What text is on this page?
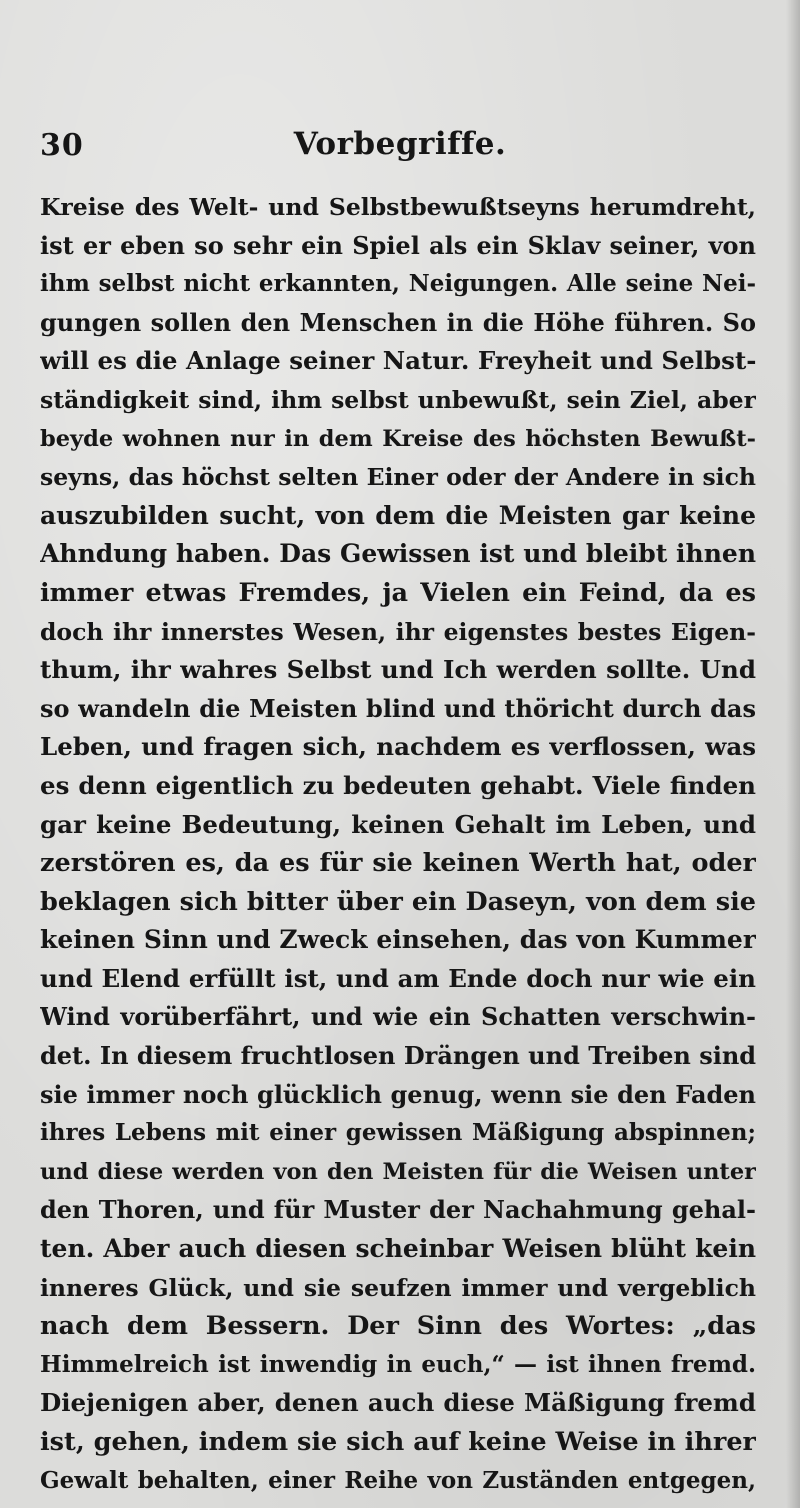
30	Vorbegriffe.
Kreise des Welt- und Selbstbewußtseyns herumdreht,
ist er eben so sehr ein Spiel als ein Sklav seiner, von
ihm selbst nicht erkannten, Neigungen. Alle seine Nei-
gungen sollen den Menschen in die Höhe führen. So
will es die Anlage seiner Natur. Freyheit und Selbst-
ständigkeit sind, ihm selbst unbewußt, sein Ziel, aber
beyde wohnen nur in dem Kreise des höchsten Bewußt-
seyns, das höchst selten Einer oder der Andere in sich
auszubilden sucht, von dem die Meisten gar keine
Ahndung haben. Das Gewissen ist und bleibt ihnen
immer etwas Fremdes, ja Vielen ein Feind, da es
doch ihr innerstes Wesen, ihr eigenstes bestes Eigen-
thum, ihr wahres Selbst und Ich werden sollte. Und
so wandeln die Meisten blind und thöricht durch das
Leben, und fragen sich, nachdem es verflossen, was
es denn eigentlich zu bedeuten gehabt. Viele finden
gar keine Bedeutung, keinen Gehalt im Leben, und
zerstören es, da es für sie keinen Werth hat, oder
beklagen sich bitter über ein Daseyn, von dem sie
keinen Sinn und Zweck einsehen, das von Kummer
und Elend erfüllt ist, und am Ende doch nur wie ein
Wind vorüberfährt, und wie ein Schatten verschwin-
det. In diesem fruchtlosen Drängen und Treiben sind
sie immer noch glücklich genug, wenn sie den Faden
ihres Lebens mit einer gewissen Mäßigung abspinnen;
und diese werden von den Meisten für die Weisen unter
den Thoren, und für Muster der Nachahmung gehal-
ten. Aber auch diesen scheinbar Weisen blüht kein
inneres Glück, und sie seufzen immer und vergeblich
nach dem Bessern. Der Sinn des Wortes: „das
Himmelreich ist inwendig in euch,“ — ist ihnen fremd.
Diejenigen aber, denen auch diese Mäßigung fremd
ist, gehen, indem sie sich auf keine Weise in ihrer
Gewalt behalten, einer Reihe von Zuständen entgegen,
